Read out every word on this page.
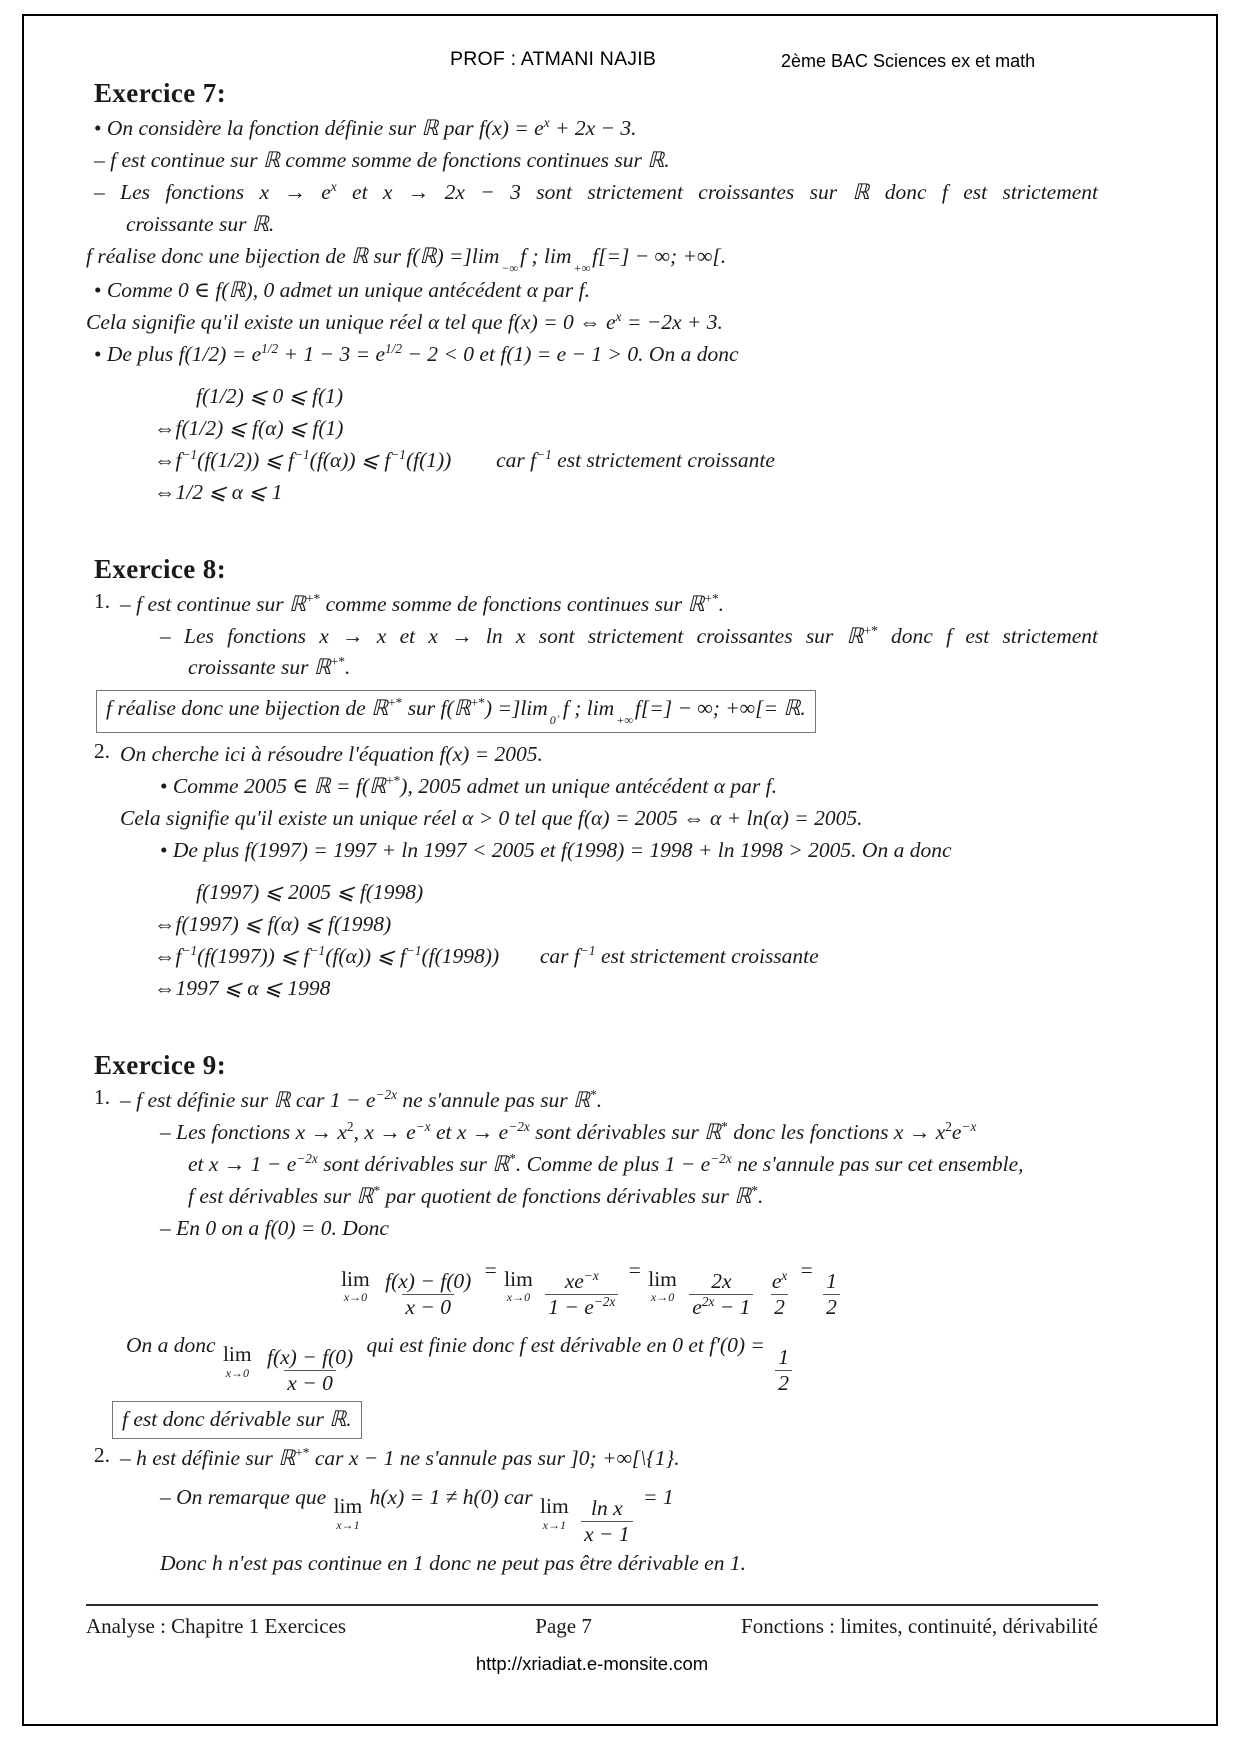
PROF : ATMANI NAJIB	2ème BAC Sciences ex et math
Exercice 7:
• On considère la fonction définie sur ℝ par $f(x) = e^x + 2x - 3$.
– f est continue sur ℝ comme somme de fonctions continues sur ℝ.
– Les fonctions $x \to e^x$ et x → 2x − 3 sont strictement croissantes sur ℝ donc f est strictement
croissante sur ℝ.
f réalise donc une bijection de ℝ sur f(ℝ) =]lim
−∞
f ; lim
+∞
f[=] − ∞; +∞[.
• Comme 0 ∈ f(ℝ), 0 admet un unique antécédent α par f.
Cela signifie qu'il existe un unique réel α tel que f(x) = 0 ⇔ $e^x = -2x + 3$.
• De plus $f(1/2) = e^{1/2} + 1 - 3 = e^{1/2} - 2 < 0$ et f(1) = e − 1 > 0. On a donc
f(1/2) ⩽ 0 ⩽ f(1)
⇔f(1/2) ⩽ f(α) ⩽ f(1)
$\Leftrightarrow f^{-1}(f(1/2))$ ⩽ $f^{-1}(f(\alpha))$ ⩽ $f^{-1}(f(1))$ car $f^{-1}$ est strictement croissante
⇔1/2 ⩽ α ⩽ 1
Exercice 8:
1. – f est continue sur ℝ+* comme somme de fonctions continues sur ℝ+*.
– Les fonctions x → x et x → ln x sont strictement croissantes sur ℝ+* donc f est strictement
croissante sur ℝ+*.
f réalise donc une bijection de ℝ+* sur f(ℝ+*) =]lim
0+ f ; lim
+∞
f[=] − ∞; +∞[= ℝ.
2. On cherche ici à résoudre l'équation f(x) = 2005.
• Comme 2005 ∈ ℝ = f(ℝ+*), 2005 admet un unique antécédent α par f.
Cela signifie qu'il existe un unique réel α > 0 tel que f(α) = 2005 ⇔ α + ln(α) = 2005.
• De plus f(1997) = 1997 + ln 1997 < 2005 et f(1998) = 1998 + ln 1998 > 2005. On a donc
f(1997) ⩽ 2005 ⩽ f(1998)
⇔f(1997) ⩽ f(α) ⩽ f(1998)
$\Leftrightarrow f^{-1}(f(1997))$ ⩽ $f^{-1}(f(\alpha))$ ⩽ $f^{-1}(f(1998))$ car $f^{-1}$ est strictement croissante
⇔1997 ⩽ α ⩽ 1998
Exercice 9:
1. – f est définie sur ℝ car $1 - e^{-2x}$ ne s'annule pas sur ℝ*.
– Les fonctions $x \to x^2$, $x \to e^{-x}$ et $x \to e^{-2x}$ sont dérivables sur ℝ* donc les fonctions $x \to x^2e^{-x}$
et $x \to 1 - e^{-2x}$ sont dérivables sur ℝ*. Comme de plus $1 - e^{-2x}$ ne s'annule pas sur cet ensemble,
f est dérivables sur ℝ* par quotient de fonctions dérivables sur ℝ*.
– En 0 on a f(0) = 0. Donc
lim
x→0
$\frac{f(x) - f(0)}{x - 0}$
= lim
x→0
$\frac{xe^{-x}}{1 - e^{-2x}}$
= lim
x→0
$\frac{2x}{e^{2x} - 1}$
$\frac{e^x}{2}$
=
$\frac{1}{2}$
On a donc lim
x→0
$\frac{f(x) - f(0)}{x - 0}$
qui est finie donc f est dérivable en 0 et f′(0) =
$\frac{1}{2}$
f est donc dérivable sur ℝ.
2. – h est définie sur ℝ+* car x − 1 ne s'annule pas sur ]0; +∞[\{1}.
– On remarque que lim
x→1
h(x) = 1 ≠ h(0) car lim
x→1
$\frac{\text{ln x}}{x - 1}$
= 1
Donc h n'est pas continue en 1 donc ne peut pas être dérivable en 1.
Analyse : Chapitre 1 Exercices	Page 7	Fonctions : limites, continuité, dérivabilité
http://xriadiat.e-monsite.com
